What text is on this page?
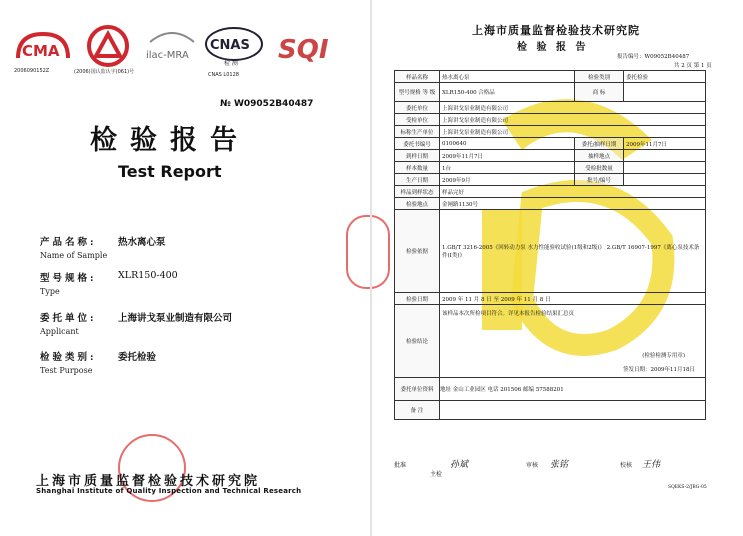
CMA
2006090152Z	(2006)国认监认字(061)号
ilac-MRA
CNAS
检 测
CNAS L0128
SQI
№ W09052B40487
检验报告
Test Report
产品名称:
Name of Sample
热水离心泵
型号规格:
Type
XLR150-400
委托单位:
Applicant
上海讲戈泵业制造有限公司
检验类别:
Test Purpose
委托检验
上海市质量监督检验技术研究院
Shanghai Institute of Quality Inspection and Technical Research
上海市质量监督检验技术研究院
检 验 报 告
报告编号：W09052B40487
共 2 页 第 1 页
样品名称	热水离心泵	检验类别	委托检验
型号规格 等 级	XLR150-400 合格品	商 标	
委托单位	上海讲戈泵业制造有限公司		
受检单位	上海讲戈泵业制造有限公司		
标称生产单位	上海讲戈泵业制造有限公司		
委托书编号	0100640	委托/抽样日期	2009年11月7日
到样日期	2009年11月7日	抽样地点	
样本数量	1台	受检批数量	
生产日期	2009年9月	批号/编号	
样品到样状态	样品完好		
检验地点	金闸路1130号		
检验依据	1.GB/T 3216-2005《回转动力泵 水力性能验收试验(1级和2级)》 2.GB/T 16907-1997《离心泵技术条件(I类)》		
检验日期	2009 年 11 月 8 日 至 2009 年 11 月 8 日		
检验结论	该样品本次所检项目符合。详见本报告检验结果汇总页
(检验检测专用章)
签发日期：2009年11月18日		

委托单位资料	地址 金山工业园区 电话 201506 邮编 57588201		
备 注			
批准	孙斌
主检
审核 张铭	校核 王伟
SQEKS-2/JBG-05
